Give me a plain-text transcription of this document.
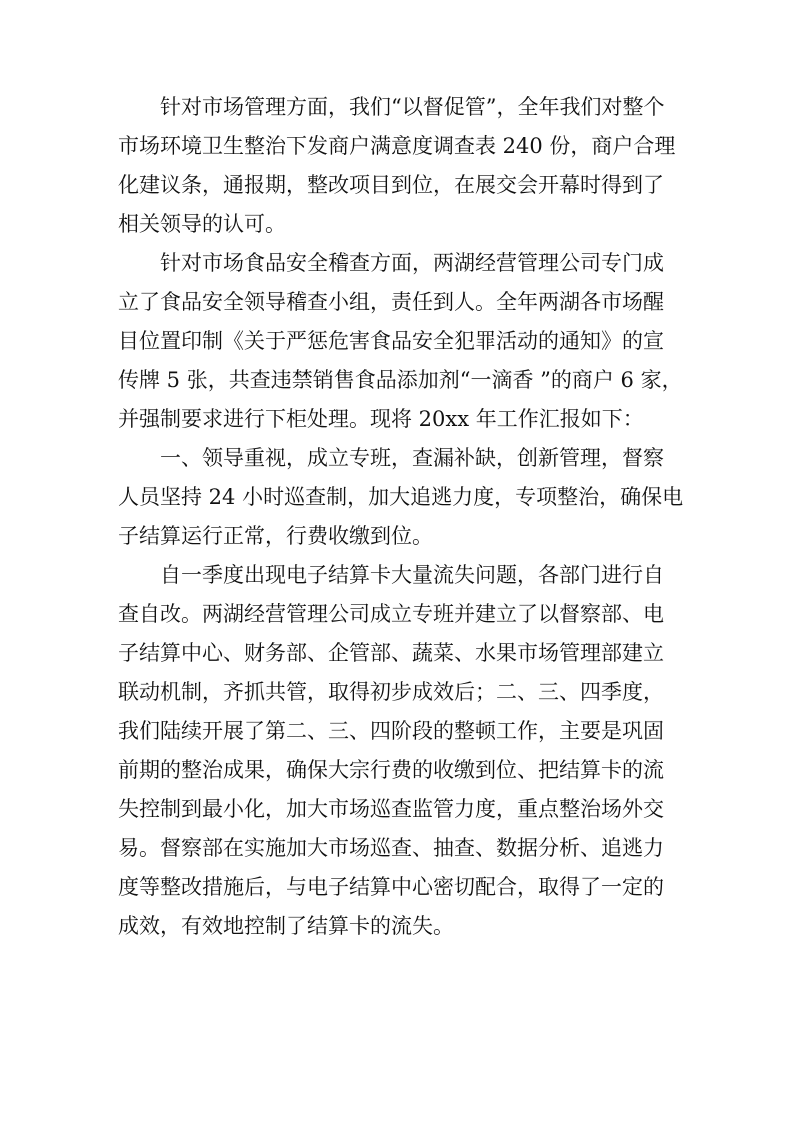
针对市场管理方面，我们“以督促管”，全年我们对整个
市场环境卫生整治下发商户满意度调查表 240 份，商户合理
化建议条，通报期，整改项目到位，在展交会开幕时得到了
相关领导的认可。
针对市场食品安全稽查方面，两湖经营管理公司专门成
立了食品安全领导稽查小组，责任到人。全年两湖各市场醒
目位置印制《关于严惩危害食品安全犯罪活动的通知》的宣
传牌 5 张，共查违禁销售食品添加剂“一滴香 ”的商户 6 家，
并强制要求进行下柜处理。现将 20xx 年工作汇报如下：
一、领导重视，成立专班，查漏补缺，创新管理，督察
人员坚持 24 小时巡查制，加大追逃力度，专项整治，确保电
子结算运行正常，行费收缴到位。
自一季度出现电子结算卡大量流失问题，各部门进行自
查自改。两湖经营管理公司成立专班并建立了以督察部、电
子结算中心、财务部、企管部、蔬菜、水果市场管理部建立
联动机制，齐抓共管，取得初步成效后；二、三、四季度，
我们陆续开展了第二、三、四阶段的整顿工作，主要是巩固
前期的整治成果，确保大宗行费的收缴到位、把结算卡的流
失控制到最小化，加大市场巡查监管力度，重点整治场外交
易。督察部在实施加大市场巡查、抽查、数据分析、追逃力
度等整改措施后，与电子结算中心密切配合，取得了一定的
成效，有效地控制了结算卡的流失。
